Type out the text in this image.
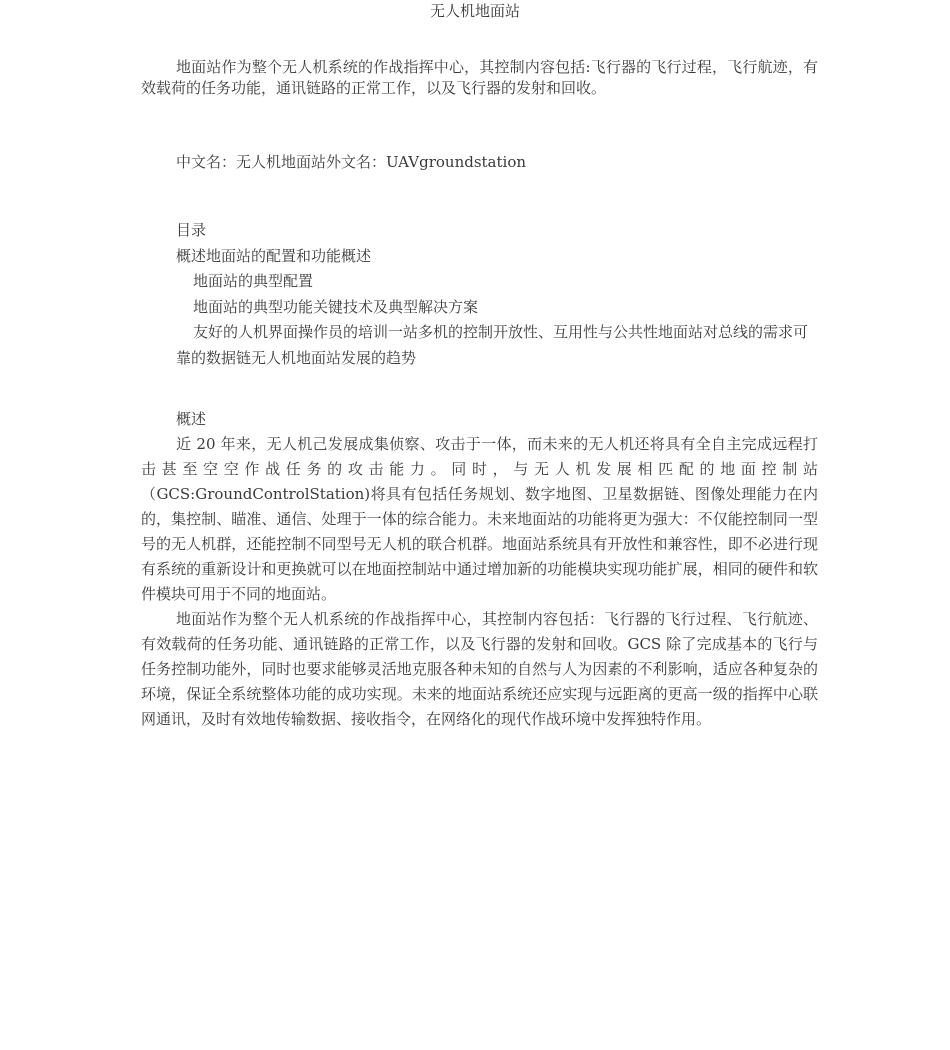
无人机地面站

地面站作为整个无人机系统的作战指挥中心，其控制内容包括:飞行器的飞行过程，飞行航迹，有效载荷的任务功能，通讯链路的正常工作，以及飞行器的发射和回收。

中文名：无人机地面站外文名：UAVgroundstation

目录

概述地面站的配置和功能概述

地面站的典型配置

地面站的典型功能关键技术及典型解决方案

友好的人机界面操作员的培训一站多机的控制开放性、互用性与公共性地面站对总线的需求可靠的数据链无人机地面站发展的趋势

概述

近 20 年来，无人机己发展成集侦察、攻击于一体，而未来的无人机还将具有全自主完成远程打击甚至空空作战任务的攻击能力。同时，与无人机发展相匹配的地面控制站（GCS:GroundControlStation)将具有包括任务规划、数字地图、卫星数据链、图像处理能力在内的，集控制、瞄准、通信、处理于一体的综合能力。未来地面站的功能将更为强大：不仅能控制同一型号的无人机群，还能控制不同型号无人机的联合机群。地面站系统具有开放性和兼容性，即不必进行现有系统的重新设计和更换就可以在地面控制站中通过增加新的功能模块实现功能扩展，相同的硬件和软件模块可用于不同的地面站。

地面站作为整个无人机系统的作战指挥中心，其控制内容包括：飞行器的飞行过程、飞行航迹、有效载荷的任务功能、通讯链路的正常工作，以及飞行器的发射和回收。GCS 除了完成基本的飞行与任务控制功能外，同时也要求能够灵活地克服各种未知的自然与人为因素的不利影响，适应各种复杂的环境，保证全系统整体功能的成功实现。未来的地面站系统还应实现与远距离的更高一级的指挥中心联网通讯，及时有效地传输数据、接收指令，在网络化的现代作战环境中发挥独特作用。
